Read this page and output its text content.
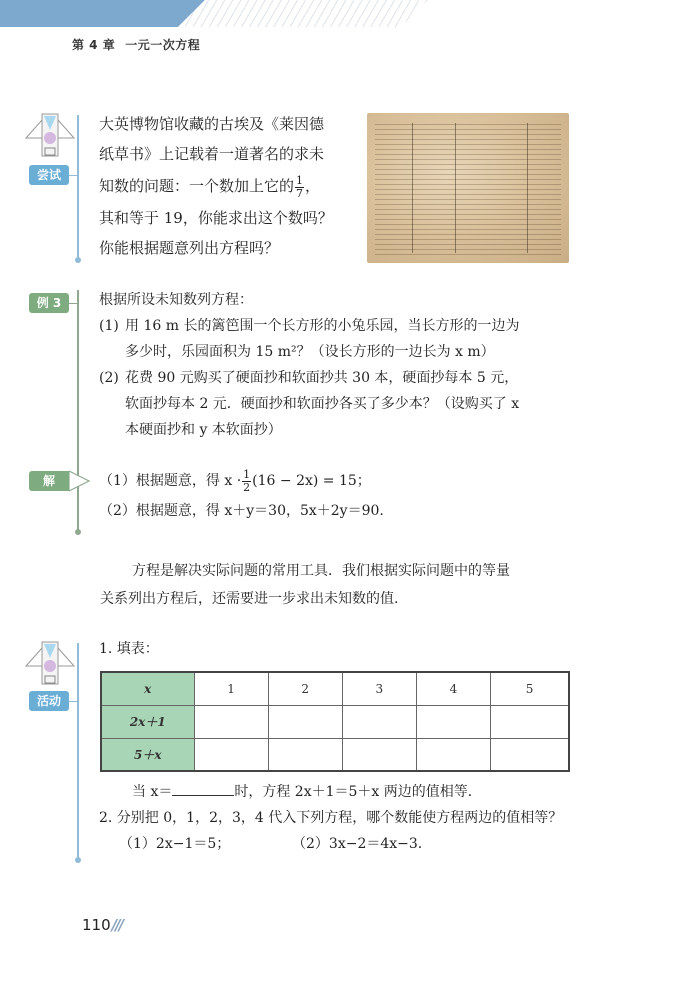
第 4 章 一元一次方程
尝试
大英博物馆收藏的古埃及《莱因德
纸草书》上记载着一道著名的求未
知数的问题：一个数加上它的 $\frac{1}{7}$ ，
其和等于 19，你能求出这个数吗？
你能根据题意列出方程吗？
例 3	根据所设未知数列方程：
(1) 用 16 m 长的篱笆围一个长方形的小兔乐园，当长方形的一边为
多少时，乐园面积为 15 m²？（设长方形的一边长为 x m）
(2) 花费 90 元购买了硬面抄和软面抄共 30 本，硬面抄每本 5 元，
软面抄每本 2 元．硬面抄和软面抄各买了多少本？（设购买了 x
本硬面抄和 y 本软面抄）
解	（1）根据题意，得 $x \cdot \frac{1}{2} (16 - 2x) = 15$；
（2）根据题意，得 x＋y＝30，5x＋2y＝90.
方程是解决实际问题的常用工具．我们根据实际问题中的等量
关系列出方程后，还需要进一步求出未知数的值.
活动
1. 填表：
x	1	2	3	4	5
2x＋1					
5＋x					
当 x＝	时，方程 2x＋1＝5＋x 两边的值相等．
2. 分别把 0，1，2，3，4 代入下列方程，哪个数能使方程两边的值相等？
（1）2x−1＝5；	（2）3x−2＝4x−3.
110///
